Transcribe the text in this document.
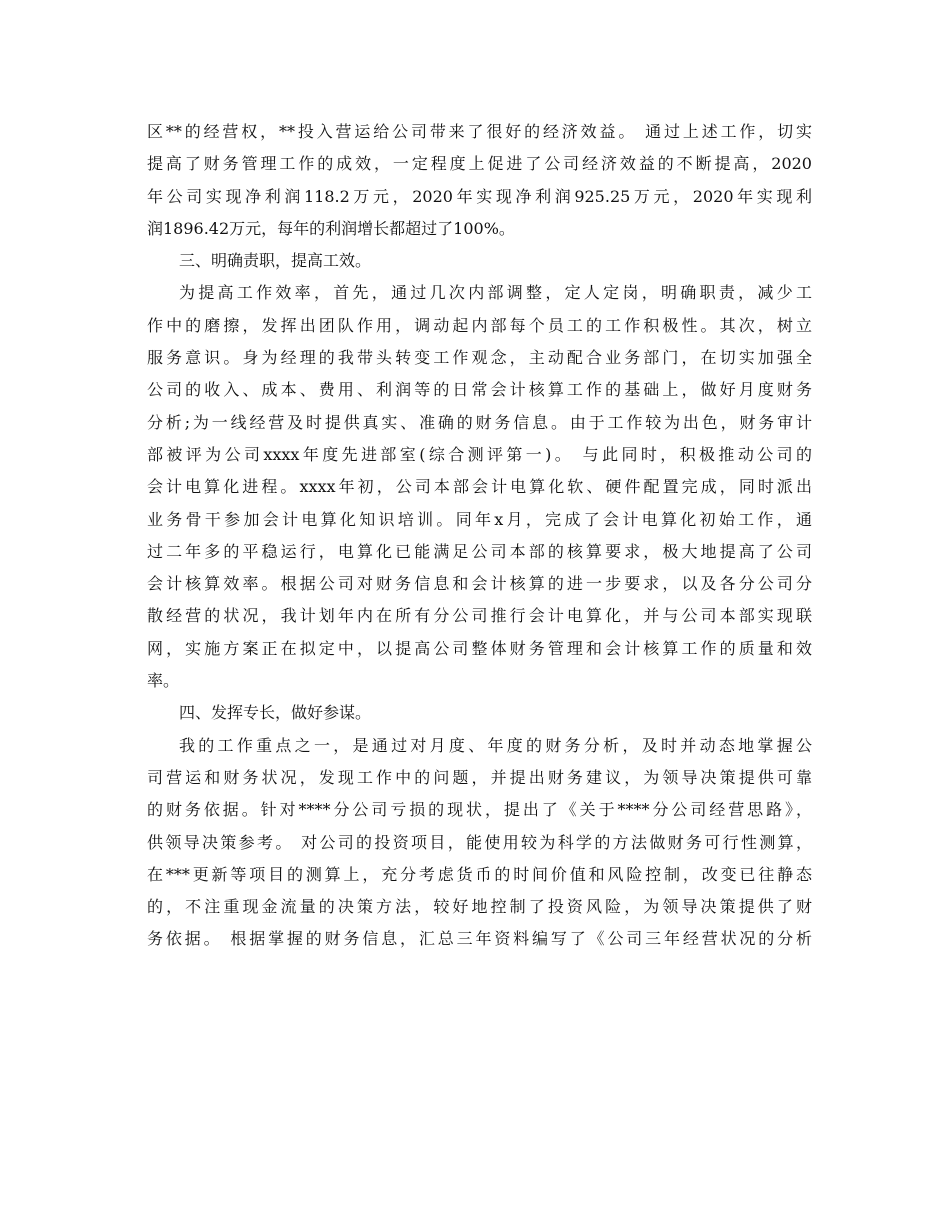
区**的经营权，**投入营运给公司带来了很好的经济效益。 通过上述工作，切实
提高了财务管理工作的成效，一定程度上促进了公司经济效益的不断提高，2020
年公司实现净利润118.2万元，2020年实现净利润925.25万元，2020年实现利
润1896.42万元，每年的利润增长都超过了100%。
三、明确责职，提高工效。
为提高工作效率，首先，通过几次内部调整，定人定岗，明确职责，减少工
作中的磨擦，发挥出团队作用，调动起内部每个员工的工作积极性。其次，树立
服务意识。身为经理的我带头转变工作观念，主动配合业务部门，在切实加强全
公司的收入、成本、费用、利润等的日常会计核算工作的基础上，做好月度财务
分析;为一线经营及时提供真实、准确的财务信息。由于工作较为出色，财务审计
部被评为公司xxxx年度先进部室(综合测评第一)。 与此同时，积极推动公司的
会计电算化进程。xxxx年初，公司本部会计电算化软、硬件配置完成，同时派出
业务骨干参加会计电算化知识培训。同年x月，完成了会计电算化初始工作，通
过二年多的平稳运行，电算化已能满足公司本部的核算要求，极大地提高了公司
会计核算效率。根据公司对财务信息和会计核算的进一步要求，以及各分公司分
散经营的状况，我计划年内在所有分公司推行会计电算化，并与公司本部实现联
网，实施方案正在拟定中，以提高公司整体财务管理和会计核算工作的质量和效
率。
四、发挥专长，做好参谋。
我的工作重点之一，是通过对月度、年度的财务分析，及时并动态地掌握公
司营运和财务状况，发现工作中的问题，并提出财务建议，为领导决策提供可靠
的财务依据。针对****分公司亏损的现状，提出了《关于****分公司经营思路》，
供领导决策参考。 对公司的投资项目，能使用较为科学的方法做财务可行性测算，
在***更新等项目的测算上，充分考虑货币的时间价值和风险控制，改变已往静态
的，不注重现金流量的决策方法，较好地控制了投资风险，为领导决策提供了财
务依据。 根据掌握的财务信息，汇总三年资料编写了《公司三年经营状况的分析
